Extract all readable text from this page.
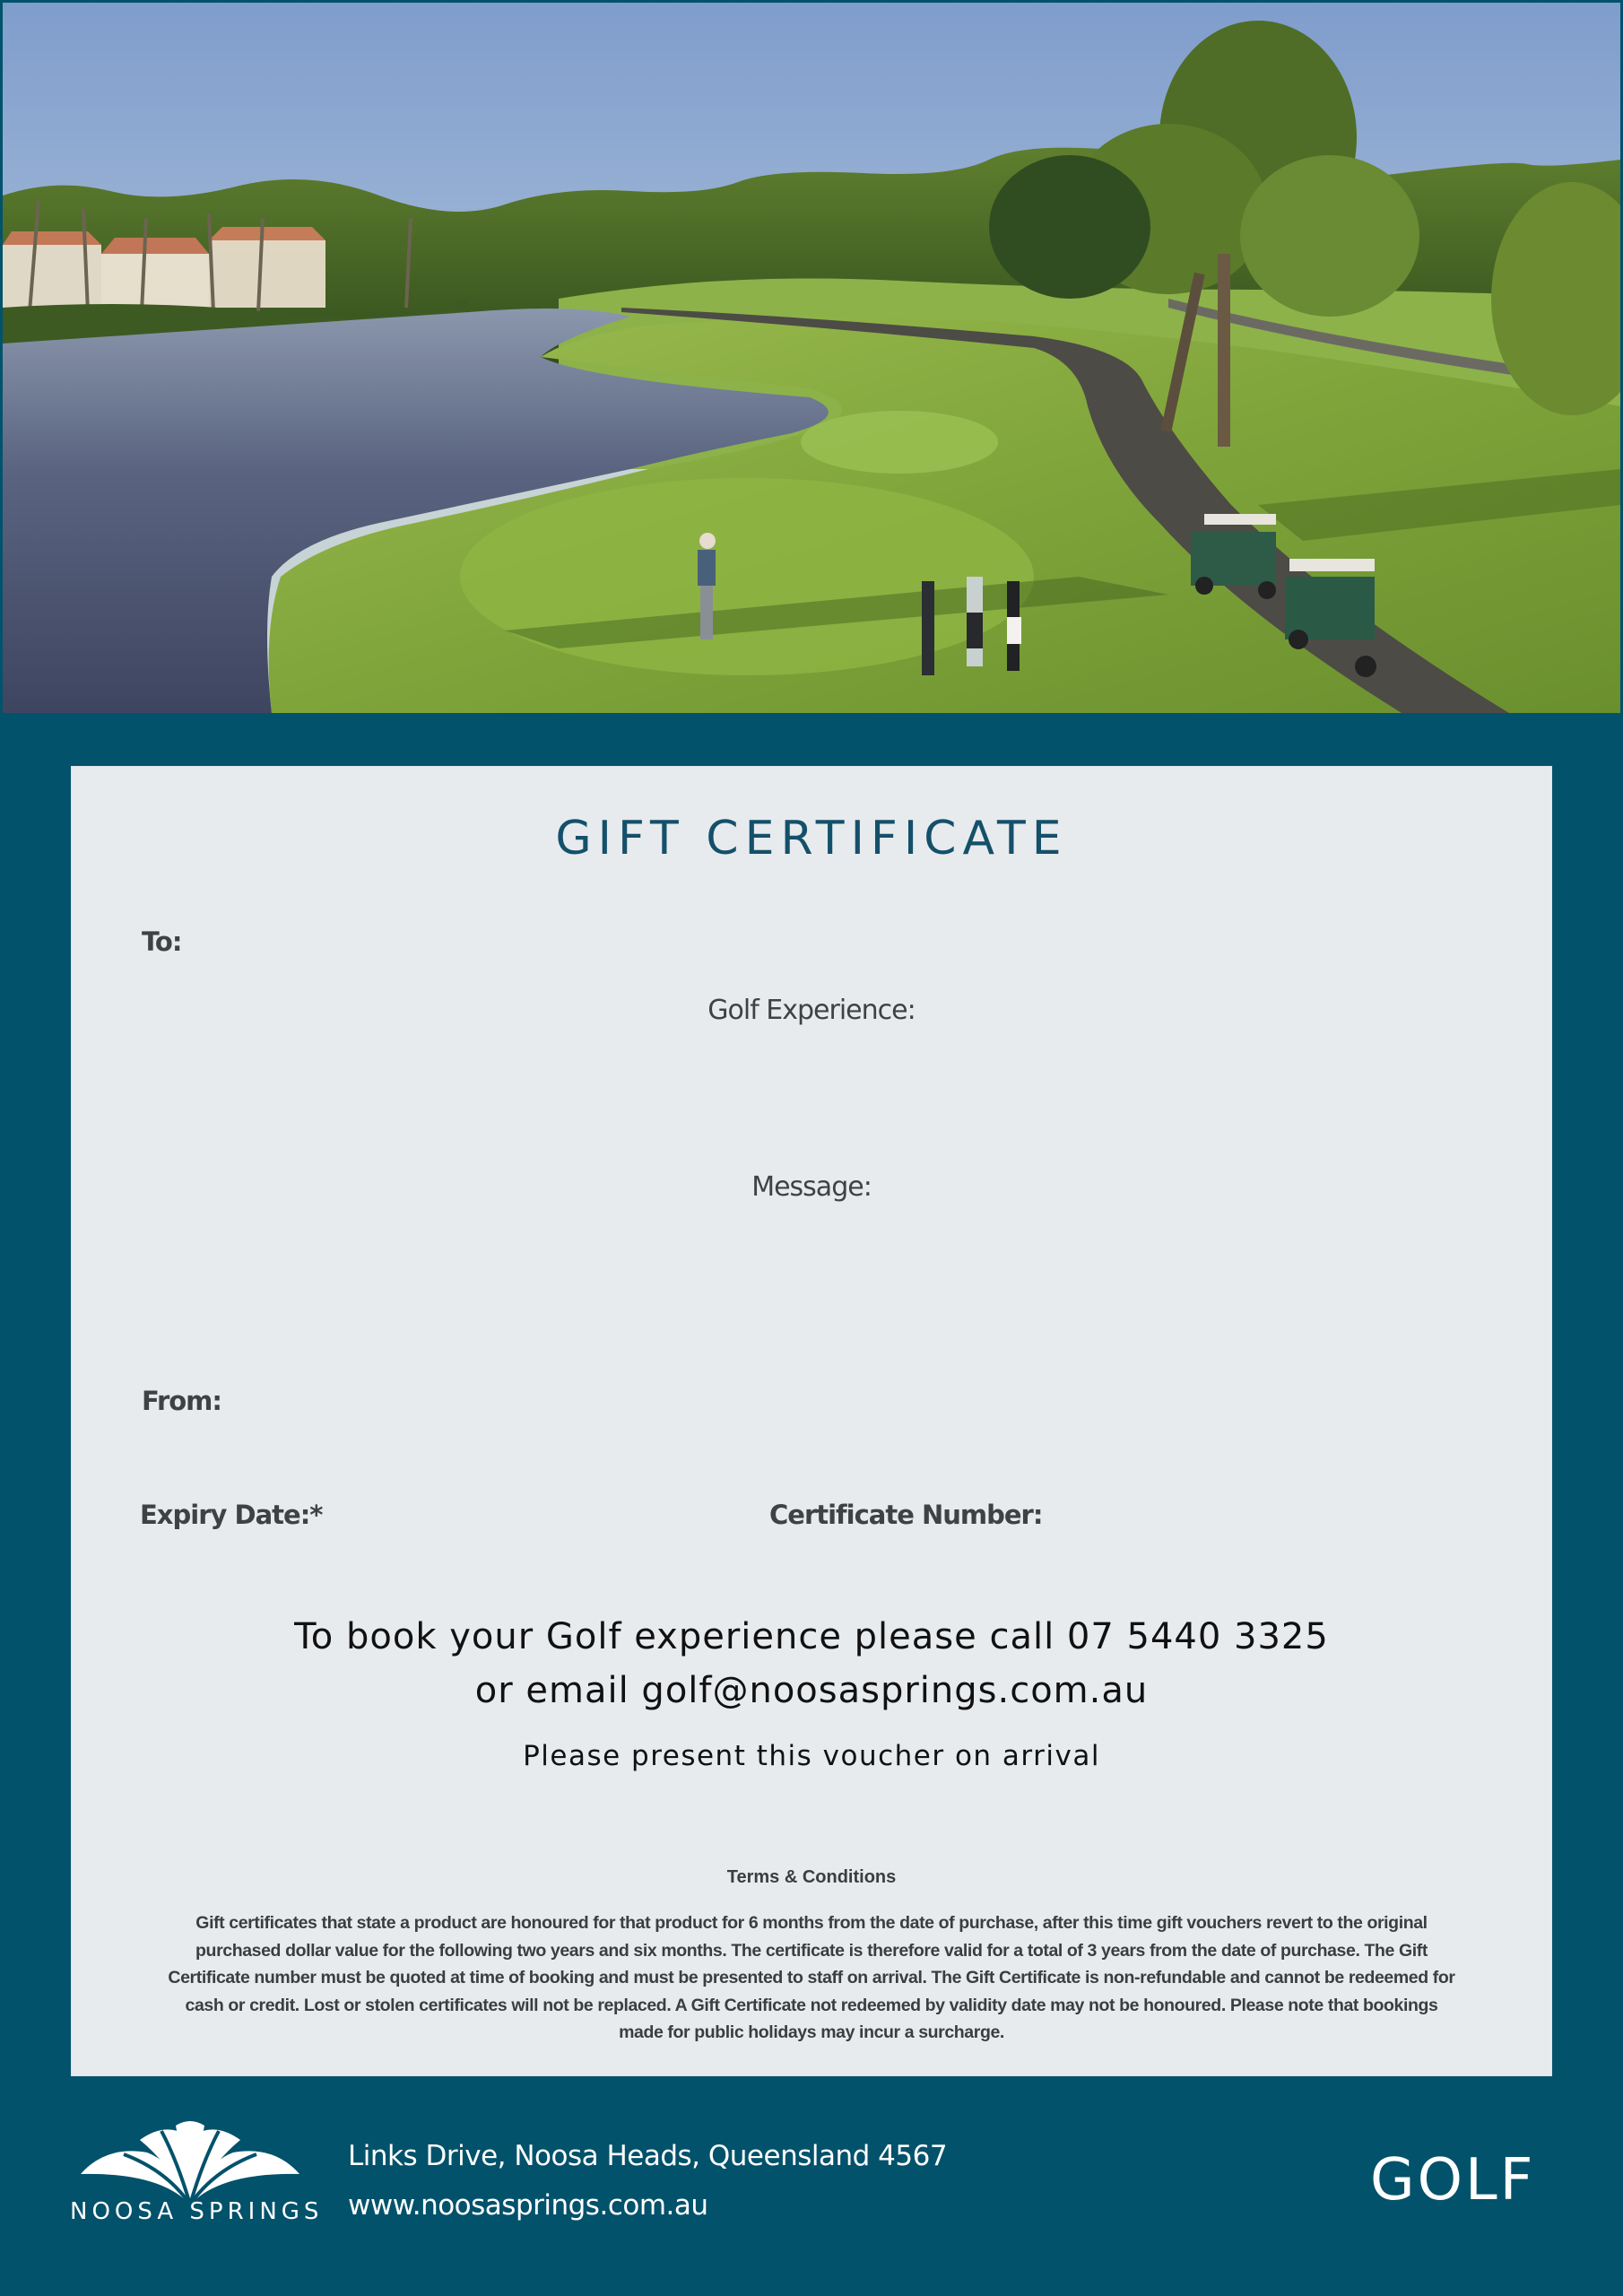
GIFT CERTIFICATE
To:
Golf Experience:
Message:
From:
Expiry Date:*	Certificate Number:
To book your Golf experience please call 07 5440 3325
or email golf@noosasprings.com.au
Please present this voucher on arrival
Terms & Conditions

Gift certificates that state a product are honoured for that product for 6 months from the date of purchase, after this time gift vouchers revert to the original purchased dollar value for the following two years and six months. The certificate is therefore valid for a total of 3 years from the date of purchase. The Gift Certificate number must be quoted at time of booking and must be presented to staff on arrival. The Gift Certificate is non-refundable and cannot be redeemed for cash or credit. Lost or stolen certificates will not be replaced. A Gift Certificate not redeemed by validity date may not be honoured. Please note that bookings made for public holidays may incur a surcharge.

NOOSA SPRINGS
Links Drive, Noosa Heads, Queensland 4567
www.noosasprings.com.au	GOLF
